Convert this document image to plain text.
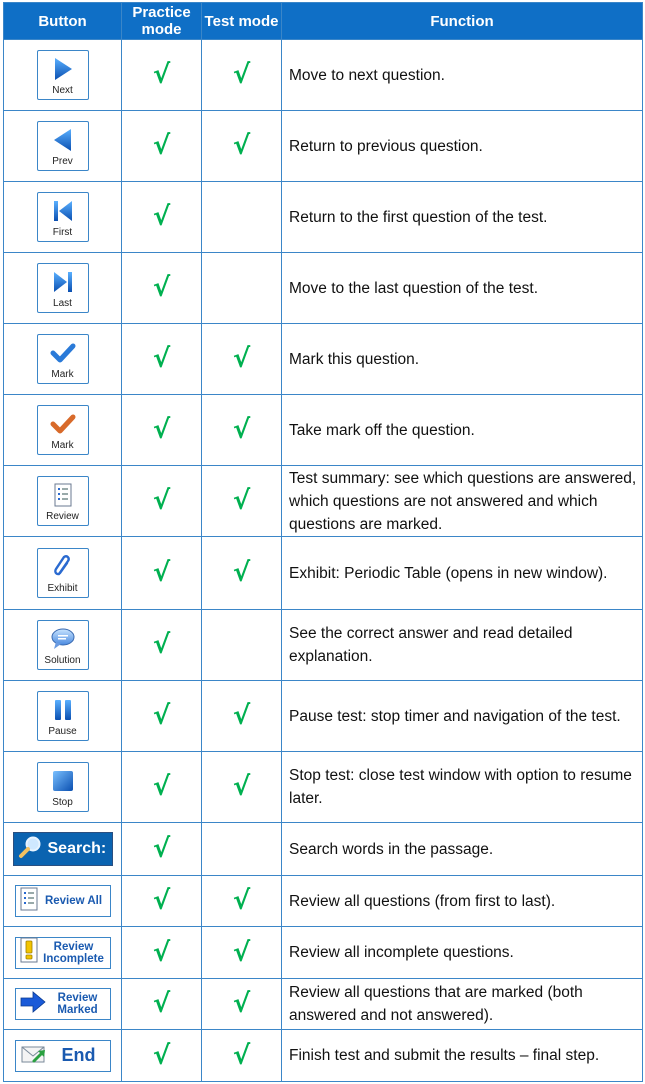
Button	Practice mode	Test mode	Function

Next	√	√	Move to next question.

Prev	√	√	Return to previous question.

First	√		Return to the first question of the test.

Last	√		Move to the last question of the test.

Mark	√	√	Mark this question.

Mark	√	√	Take mark off the question.

Review	√	√	Test summary: see which questions are answered, which questions are not answered and which questions are marked.

Exhibit	√	√	Exhibit: Periodic Table (opens in new window).

Solution	√		See the correct answer and read detailed explanation.

Pause	√	√	Pause test: stop timer and navigation of the test.

Stop	√	√	Stop test: close test window with option to resume later.

Search:	√		Search words in the passage.

Review All	√	√	Review all questions (from first to last).

Review Incomplete	√	√	Review all incomplete questions.

Review Marked	√	√	Review all questions that are marked (both answered and not answered).

End	√	√	Finish test and submit the results – final step.
